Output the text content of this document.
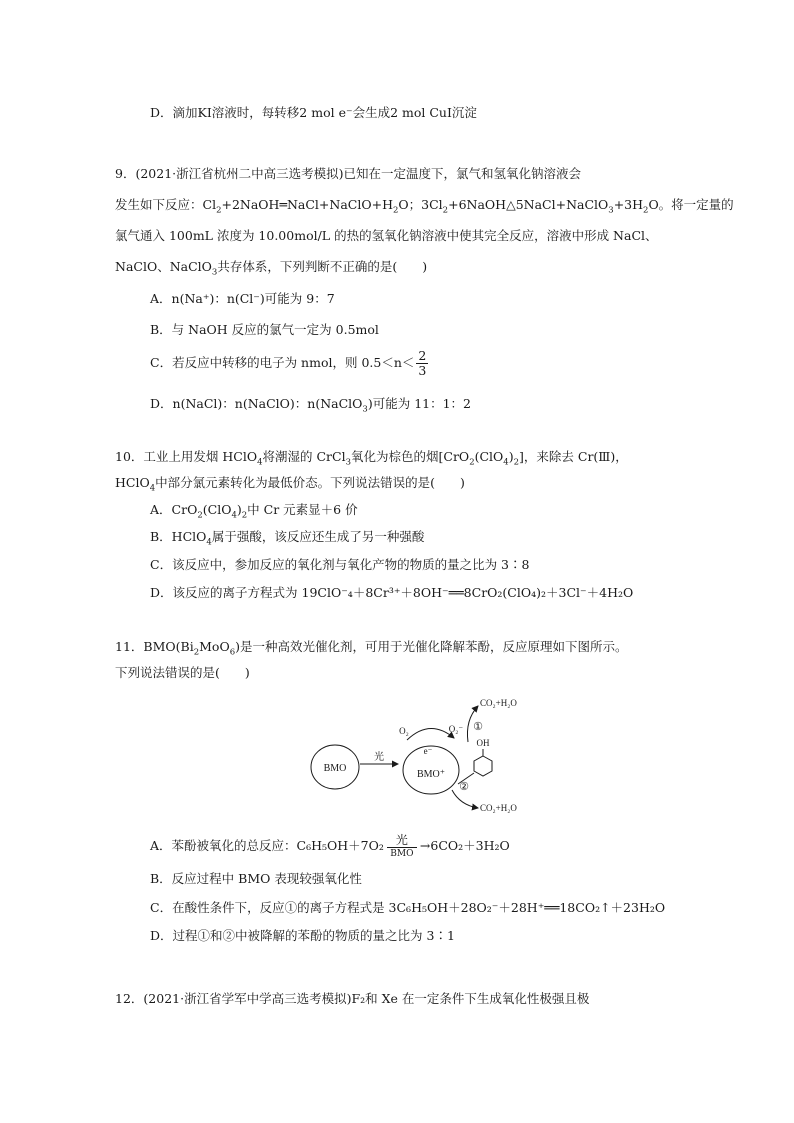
D．滴加KI溶液时，每转移2 mol e⁻会生成2 mol CuI沉淀
9．(2021·浙江省杭州二中高三选考模拟)已知在一定温度下，氯气和氢氧化钠溶液会
发生如下反应：$Cl_2+2NaOH═NaCl+NaClO+H_2O$；$3Cl_2+6NaOH\triangle 5NaCl+NaClO_3+3H_2O$。将一定量的
氯气通入 100mL 浓度为 10.00mol/L 的热的氢氧化钠溶液中使其完全反应，溶液中形成 NaCl、
NaClO、NaClO$_3$共存体系，下列判断不正确的是(　　)
A．n(Na⁺)：n(Cl⁻)可能为 9：7
B．与 NaOH 反应的氯气一定为 0.5mol
C．若反应中转移的电子为 nmol，则 $0.5<n< \frac{2}{3}$
D．n(NaCl)：n(NaClO)：n(NaClO$_3$)可能为 11：1：2
10．工业上用发烟 HClO$_4$将潮湿的 CrCl$_3$氧化为棕色的烟$[CrO_2(ClO_4)_2]$，来除去 Cr(Ⅲ)，
HClO$_4$中部分氯元素转化为最低价态。下列说法错误的是(　　)
A．$CrO_2(ClO_4)_2$中 Cr 元素显＋6 价
B．HClO$_4$属于强酸，该反应还生成了另一种强酸
C．该反应中，参加反应的氧化剂与氧化产物的物质的量之比为 3∶8
D．该反应的离子方程式为 19ClO⁻₄＋8Cr³⁺＋8OH⁻══8CrO₂(ClO₄)₂＋3Cl⁻＋4H₂O
11．$BMO(Bi_2MoO_6)$是一种高效光催化剂，可用于光催化降解苯酚，反应原理如下图所示。
下列说法错误的是(　　)
BMO
光
BMO⁺
e⁻
O₂	O₂⁻ ①
CO₂+H₂O
OH
②
CO₂+H₂O
A．苯酚被氧化的总反应：C₆H₅OH＋7O₂ 光
BMO
→6CO₂＋3H₂O
B．反应过程中 BMO 表现较强氧化性
C．在酸性条件下，反应①的离子方程式是 3C₆H₅OH＋28O₂⁻＋28H⁺══18CO₂↑＋23H₂O
D．过程①和②中被降解的苯酚的物质的量之比为 3∶1
12．(2021·浙江省学军中学高三选考模拟)F₂和 Xe 在一定条件下生成氧化性极强且极
